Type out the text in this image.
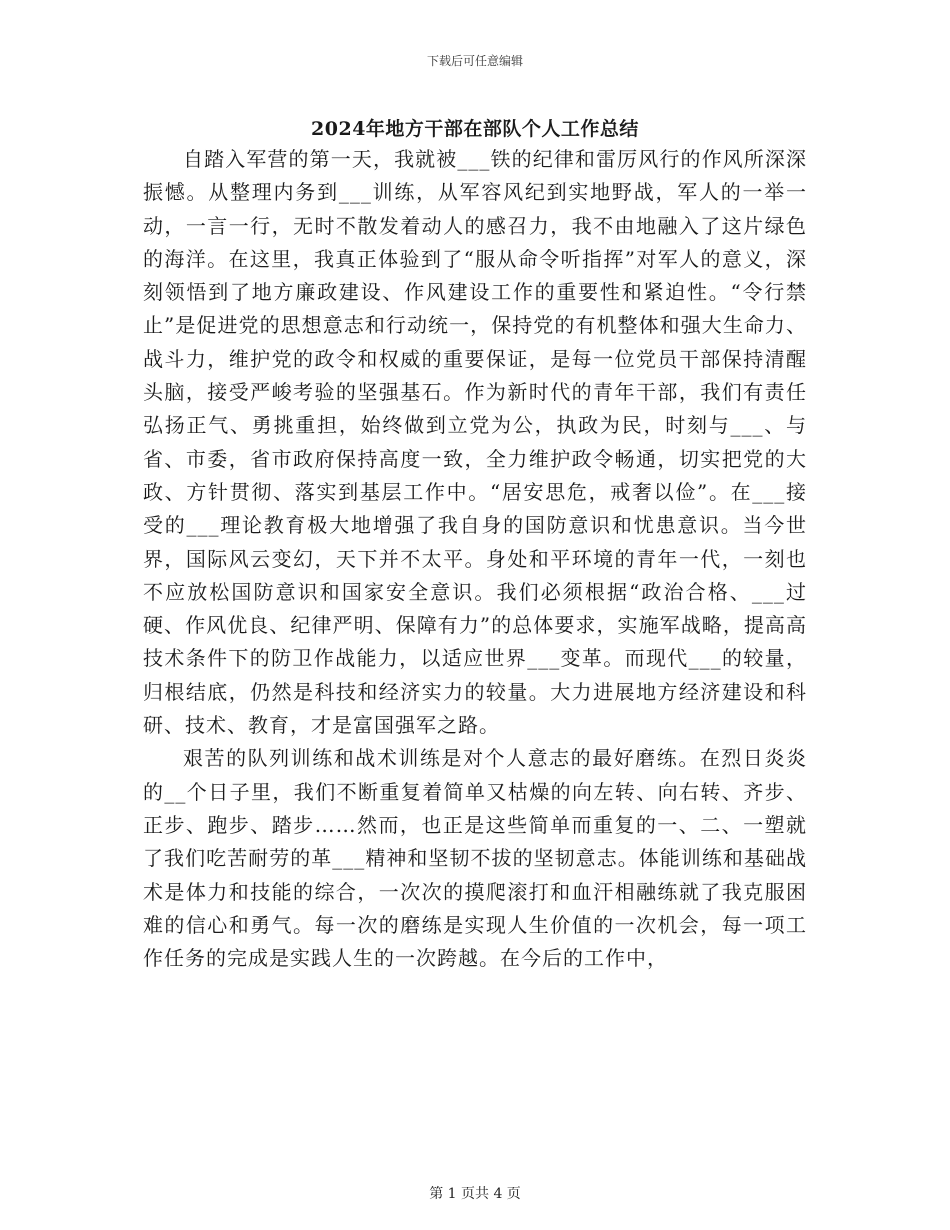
下载后可任意编辑
2024年地方干部在部队个人工作总结

自踏入军营的第一天，我就被___铁的纪律和雷厉风行的作风所深深振憾。从整理内务到___训练，从军容风纪到实地野战，军人的一举一动，一言一行，无时不散发着动人的感召力，我不由地融入了这片绿色的海洋。在这里，我真正体验到了“服从命令听指挥”对军人的意义，深刻领悟到了地方廉政建设、作风建设工作的重要性和紧迫性。“令行禁止”是促进党的思想意志和行动统一，保持党的有机整体和强大生命力、战斗力，维护党的政令和权威的重要保证，是每一位党员干部保持清醒头脑，接受严峻考验的坚强基石。作为新时代的青年干部，我们有责任弘扬正气、勇挑重担，始终做到立党为公，执政为民，时刻与___、与省、市委，省市政府保持高度一致，全力维护政令畅通，切实把党的大政、方针贯彻、落实到基层工作中。“居安思危，戒奢以俭”。在___接受的___理论教育极大地增强了我自身的国防意识和忧患意识。当今世界，国际风云变幻，天下并不太平。身处和平环境的青年一代，一刻也不应放松国防意识和国家安全意识。我们必须根据“政治合格、___过硬、作风优良、纪律严明、保障有力”的总体要求，实施军战略，提高高技术条件下的防卫作战能力，以适应世界___变革。而现代___的较量，归根结底，仍然是科技和经济实力的较量。大力进展地方经济建设和科研、技术、教育，才是富国强军之路。

艰苦的队列训练和战术训练是对个人意志的最好磨练。在烈日炎炎的__个日子里，我们不断重复着简单又枯燥的向左转、向右转、齐步、正步、跑步、踏步……然而，也正是这些简单而重复的一、二、一塑就了我们吃苦耐劳的革___精神和坚韧不拔的坚韧意志。体能训练和基础战术是体力和技能的综合，一次次的摸爬滚打和血汗相融练就了我克服困难的信心和勇气。每一次的磨练是实现人生价值的一次机会，每一项工作任务的完成是实践人生的一次跨越。在今后的工作中，

第 1 页共 4 页
